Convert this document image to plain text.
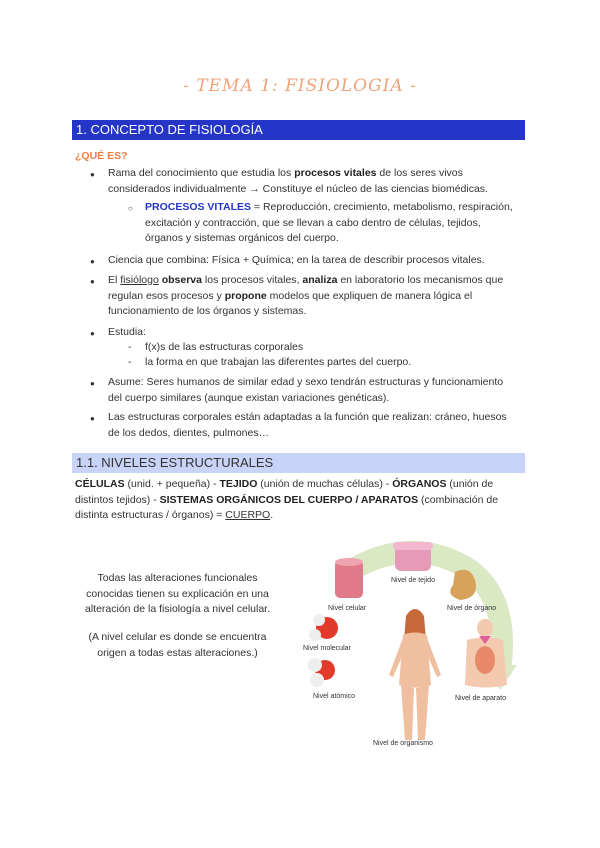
- TEMA 1: FISIOLOGIA -
1. CONCEPTO DE FISIOLOGÍA
¿QUÉ ES?
● Rama del conocimiento que estudia los procesos vitales de los seres vivos
considerados individualmente → Constituye el núcleo de las ciencias biomédicas.
○ PROCESOS VITALES = Reproducción, crecimiento, metabolismo, respiración,
excitación y contracción, que se llevan a cabo dentro de células, tejidos,
órganos y sistemas orgánicos del cuerpo.
● Ciencia que combina: Física + Química; en la tarea de describir procesos vitales.
● El fisiólogo observa los procesos vitales, analiza en laboratorio los mecanismos que
regulan esos procesos y propone modelos que expliquen de manera lógica el
funcionamiento de los órganos y sistemas.
● Estudia:
- f(x)s de las estructuras corporales
- la forma en que trabajan las diferentes partes del cuerpo.
● Asume: Seres humanos de similar edad y sexo tendrán estructuras y funcionamiento
del cuerpo similares (aunque existan variaciones genéticas).
● Las estructuras corporales están adaptadas a la función que realizan: cráneo, huesos
de los dedos, dientes, pulmones…
1.1. NIVELES ESTRUCTURALES
CÉLULAS (unid. + pequeña) - TEJIDO (unión de muchas células) - ÓRGANOS (unión de
distintos tejidos) - SISTEMAS ORGÁNICOS DEL CUERPO / APARATOS (combinación de
distinta estructuras / órganos) = CUERPO.
Todas las alteraciones funcionales
conocidas tienen su explicación en una
alteración de la fisiología a nivel celular.
(A nivel celular es donde se encuentra
origen a todas estas alteraciones.)
Nivel de tejido
Nivel celular	Nivel de órgano
Nivel molecular
Nivel atómico	Nivel de aparato
Nivel de organismo
